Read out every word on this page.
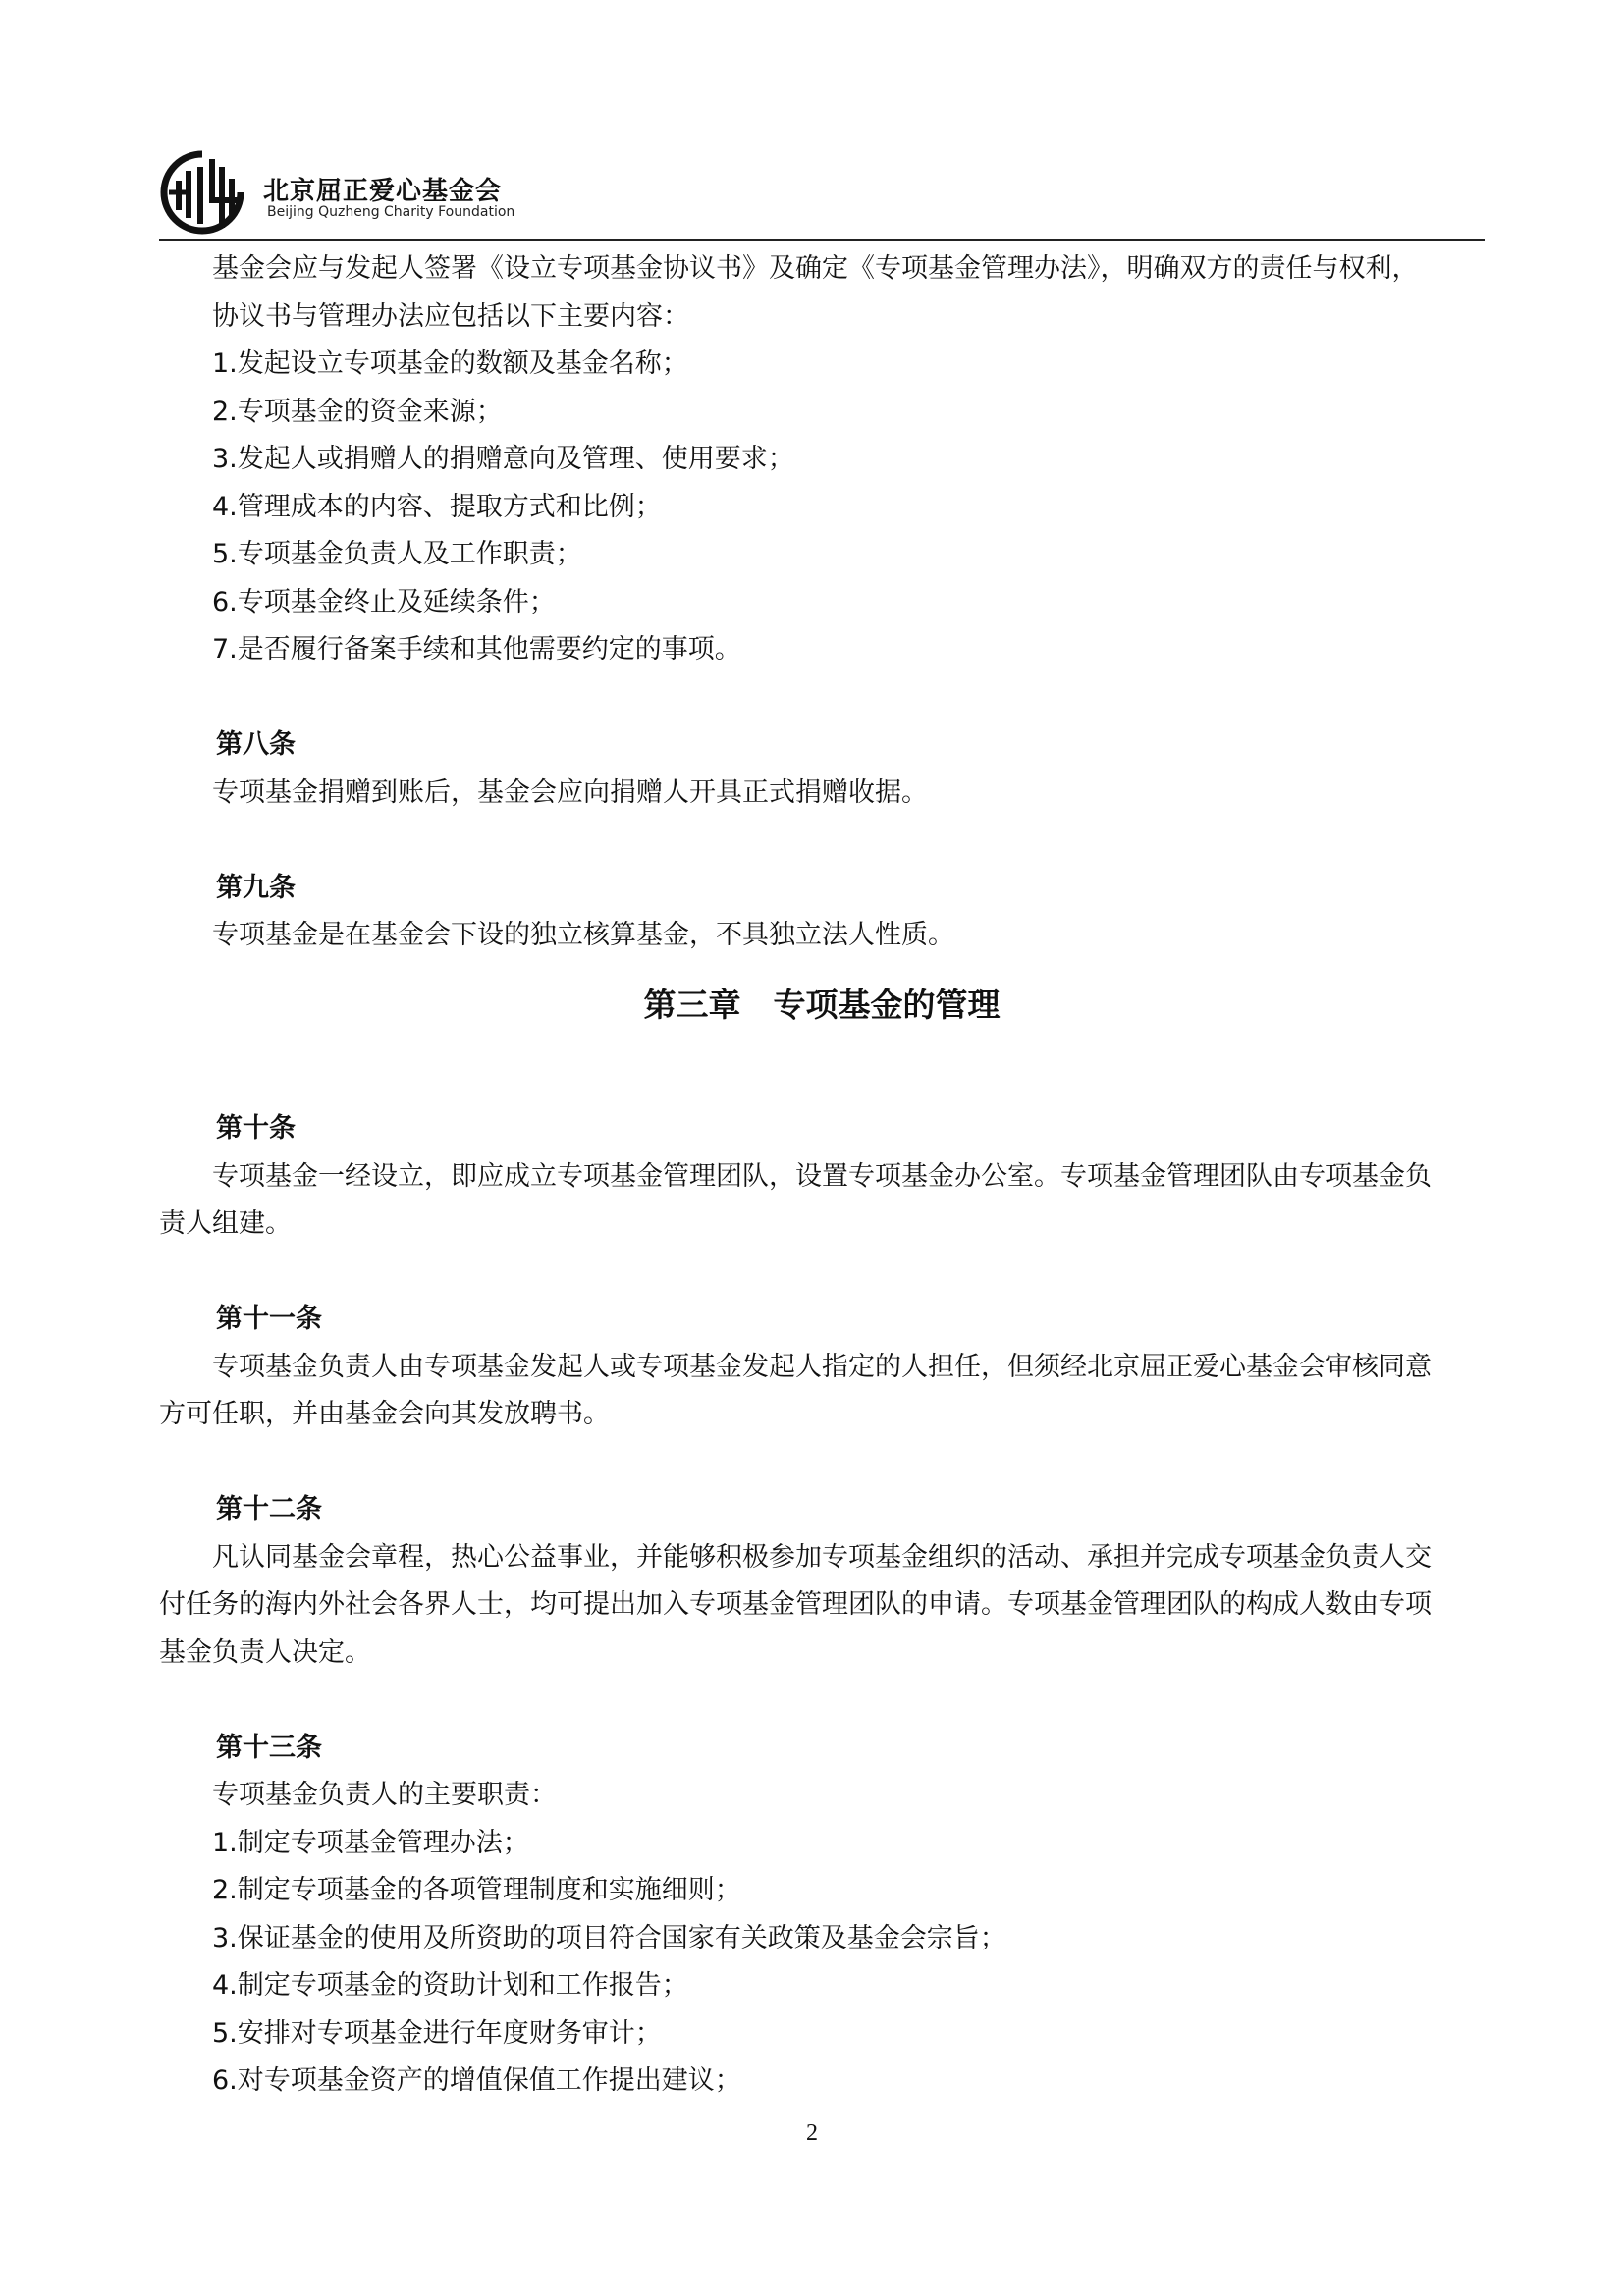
北京屈正爱心基金会
Beijing Quzheng Charity Foundation
基金会应与发起人签署《设立专项基金协议书》及确定《专项基金管理办法》，明确双方的责任与权利，
协议书与管理办法应包括以下主要内容：
1.发起设立专项基金的数额及基金名称；
2.专项基金的资金来源；
3.发起人或捐赠人的捐赠意向及管理、使用要求；
4.管理成本的内容、提取方式和比例；
5.专项基金负责人及工作职责；
6.专项基金终止及延续条件；
7.是否履行备案手续和其他需要约定的事项。
第八条
专项基金捐赠到账后，基金会应向捐赠人开具正式捐赠收据。
第九条
专项基金是在基金会下设的独立核算基金，不具独立法人性质。
第三章　专项基金的管理
第十条
专项基金一经设立，即应成立专项基金管理团队，设置专项基金办公室。专项基金管理团队由专项基金负
责人组建。
第十一条
专项基金负责人由专项基金发起人或专项基金发起人指定的人担任，但须经北京屈正爱心基金会审核同意
方可任职，并由基金会向其发放聘书。
第十二条
凡认同基金会章程，热心公益事业，并能够积极参加专项基金组织的活动、承担并完成专项基金负责人交
付任务的海内外社会各界人士，均可提出加入专项基金管理团队的申请。专项基金管理团队的构成人数由专项
基金负责人决定。
第十三条
专项基金负责人的主要职责：
1.制定专项基金管理办法；
2.制定专项基金的各项管理制度和实施细则；
3.保证基金的使用及所资助的项目符合国家有关政策及基金会宗旨；
4.制定专项基金的资助计划和工作报告；
5.安排对专项基金进行年度财务审计；
6.对专项基金资产的增值保值工作提出建议；
2
